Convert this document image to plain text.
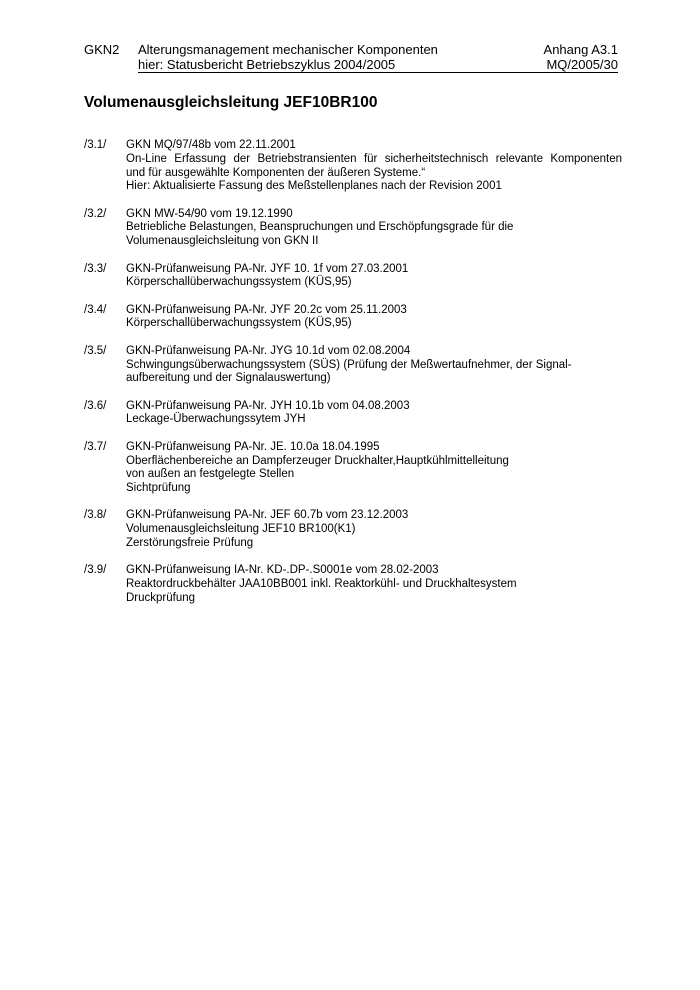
GKN2	Alterungsmanagement mechanischer Komponenten	Anhang A3.1
hier: Statusbericht Betriebszyklus 2004/2005	MQ/2005/30
Volumenausgleichsleitung JEF10BR100
/3.1/	GKN MQ/97/48b vom 22.11.2001
On-Line Erfassung der Betriebstransienten für sicherheitstechnisch relevante Komponenten
und für ausgewählte Komponenten der äußeren Systeme.“
Hier: Aktualisierte Fassung des Meßstellenplanes nach der Revision 2001
/3.2/	GKN MW-54/90 vom 19.12.1990
Betriebliche Belastungen, Beanspruchungen und Erschöpfungsgrade für die
Volumenausgleichsleitung von GKN II
/3.3/	GKN-Prüfanweisung PA-Nr. JYF 10. 1f vom 27.03.2001
Körperschallüberwachungssystem (KÜS,95)
/3.4/	GKN-Prüfanweisung PA-Nr. JYF 20.2c vom 25.11.2003
Körperschallüberwachungssystem (KÜS,95)
/3.5/	GKN-Prüfanweisung PA-Nr. JYG 10.1d vom 02.08.2004
Schwingungsüberwachungssystem (SÜS) (Prüfung der Meßwertaufnehmer, der Signal-
aufbereitung und der Signalauswertung)
/3.6/	GKN-Prüfanweisung PA-Nr. JYH 10.1b vom 04.08.2003
Leckage-Überwachungssytem JYH
/3.7/	GKN-Prüfanweisung PA-Nr. JE. 10.0a 18.04.1995
Oberflächenbereiche an Dampferzeuger Druckhalter,Hauptkühlmittelleitung
von außen an festgelegte Stellen
Sichtprüfung
/3.8/	GKN-Prüfanweisung PA-Nr. JEF 60.7b vom 23.12.2003
Volumenausgleichsleitung JEF10 BR100(K1)
Zerstörungsfreie Prüfung
/3.9/	GKN-Prüfanweisung IA-Nr. KD-.DP-.S0001e vom 28.02-2003
Reaktordruckbehälter JAA10BB001 inkl. Reaktorkühl- und Druckhaltesystem
Druckprüfung
